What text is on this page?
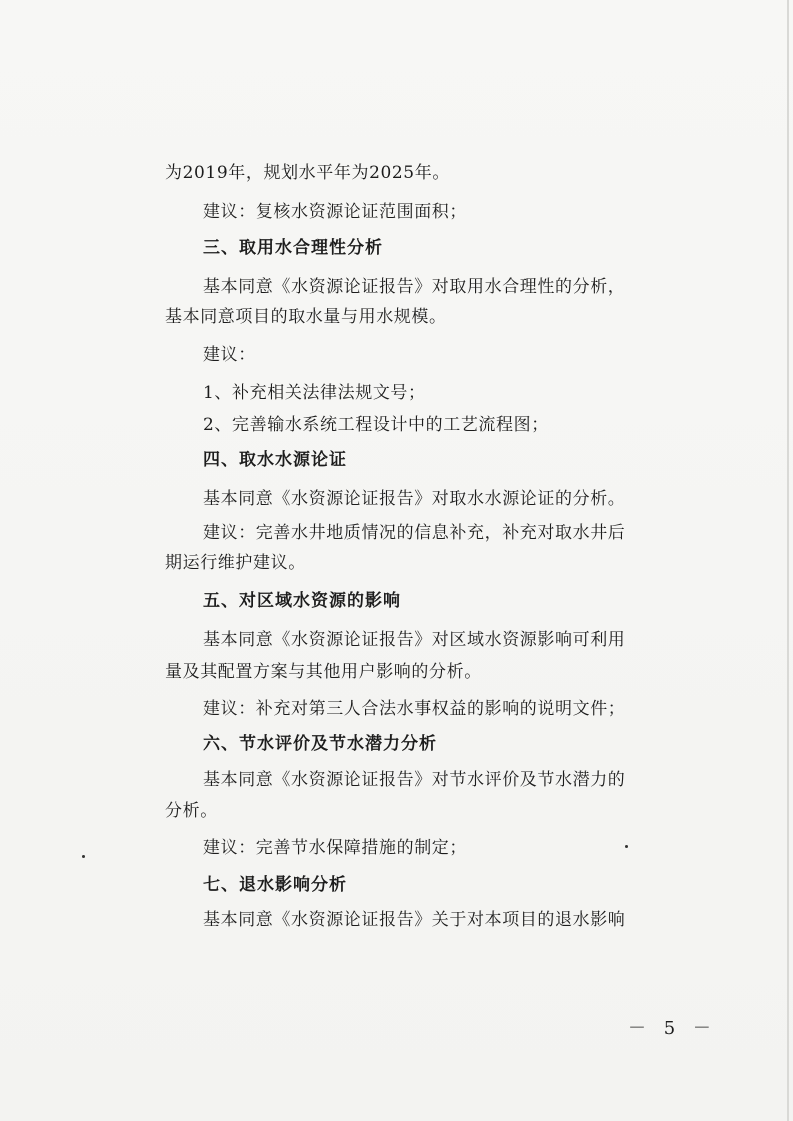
为2019年，规划水平年为2025年。
建议：复核水资源论证范围面积；
三、取用水合理性分析
基本同意《水资源论证报告》对取用水合理性的分析，
基本同意项目的取水量与用水规模。
建议：
1、补充相关法律法规文号；
2、完善输水系统工程设计中的工艺流程图；
四、取水水源论证
基本同意《水资源论证报告》对取水水源论证的分析。
建议：完善水井地质情况的信息补充，补充对取水井后
期运行维护建议。
五、对区域水资源的影响
基本同意《水资源论证报告》对区域水资源影响可利用
量及其配置方案与其他用户影响的分析。
建议：补充对第三人合法水事权益的影响的说明文件；
六、节水评价及节水潜力分析
基本同意《水资源论证报告》对节水评价及节水潜力的
分析。
建议：完善节水保障措施的制定；
七、退水影响分析
基本同意《水资源论证报告》关于对本项目的退水影响
－ 5 －
